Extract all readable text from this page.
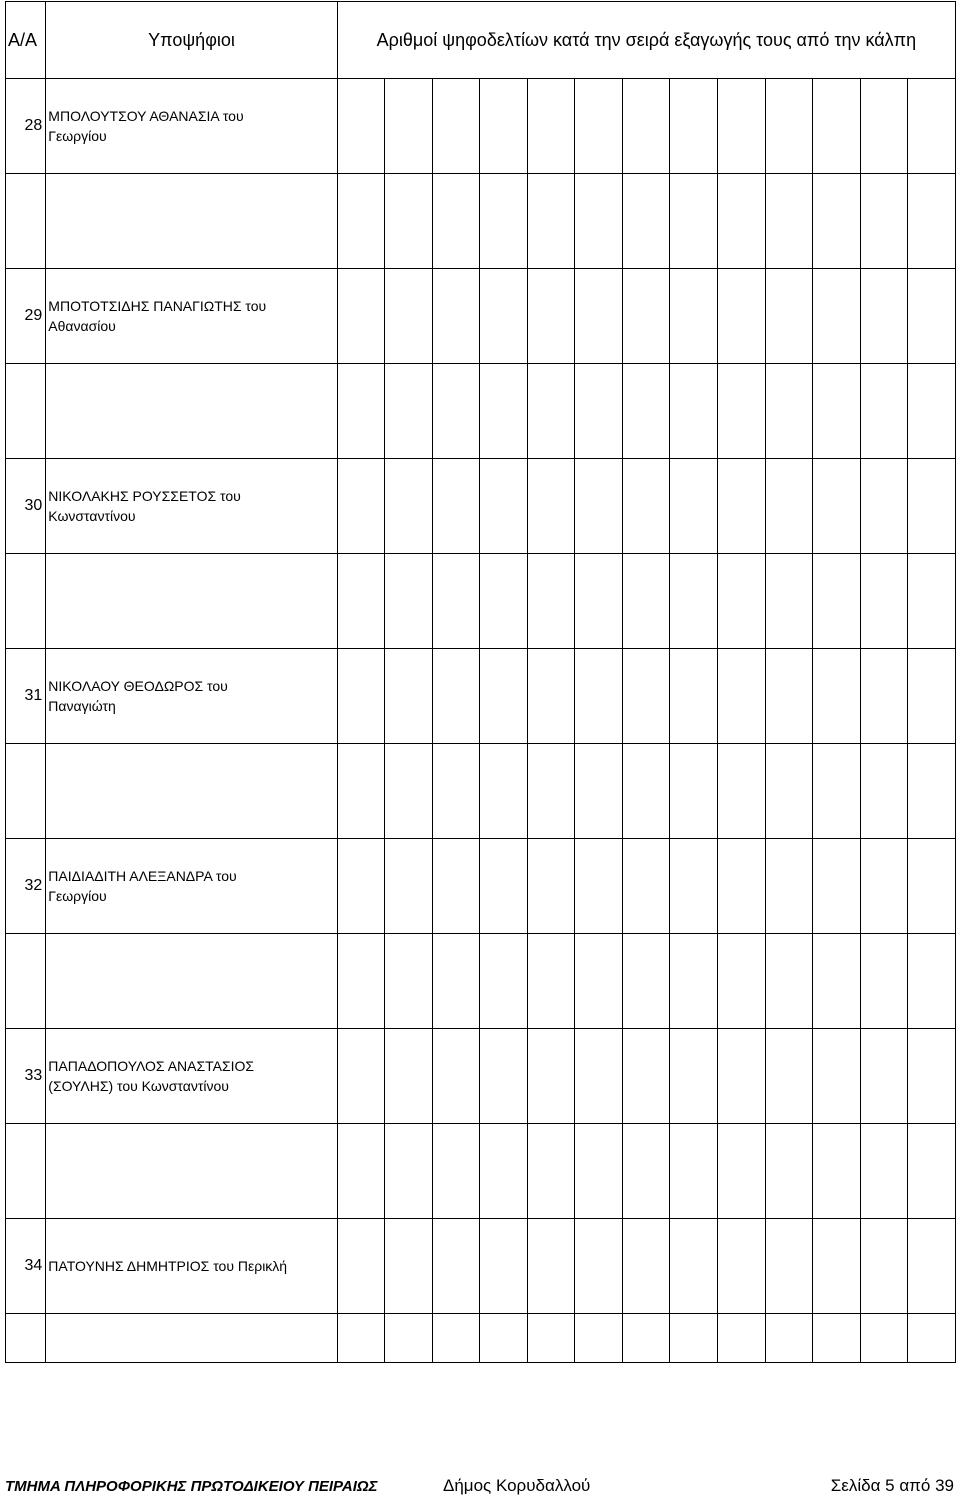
Α/Α	Υποψήφιοι	Αριθμοί ψηφοδελτίων κατά την σειρά εξαγωγής τους από την κάλπη												
28	ΜΠΟΛΟΥΤΣΟΥ ΑΘΑΝΑΣΙΑ του
Γεωργίου													

29	ΜΠΟΤΟΤΣΙΔΗΣ ΠΑΝΑΓΙΩΤΗΣ του
Αθανασίου													

30	ΝΙΚΟΛΑΚΗΣ ΡΟΥΣΣΕΤΟΣ του
Κωνσταντίνου													

31	ΝΙΚΟΛΑΟΥ ΘΕΟΔΩΡΟΣ του
Παναγιώτη													

32	ΠΑΙΔΙΑΔΙΤΗ ΑΛΕΞΑΝΔΡΑ του
Γεωργίου													

33	ΠΑΠΑΔΟΠΟΥΛΟΣ ΑΝΑΣΤΑΣΙΟΣ
(ΣΟΥΛΗΣ) του Κωνσταντίνου													

34	ΠΑΤΟΥΝΗΣ ΔΗΜΗΤΡΙΟΣ του Περικλή													

ΤΜΗΜΑ ΠΛΗΡΟΦΟΡΙΚΗΣ ΠΡΩΤΟΔΙΚΕΙΟΥ ΠΕΙΡΑΙΩΣ	Δήμος Κορυδαλλού	Σελίδα 5 από 39
